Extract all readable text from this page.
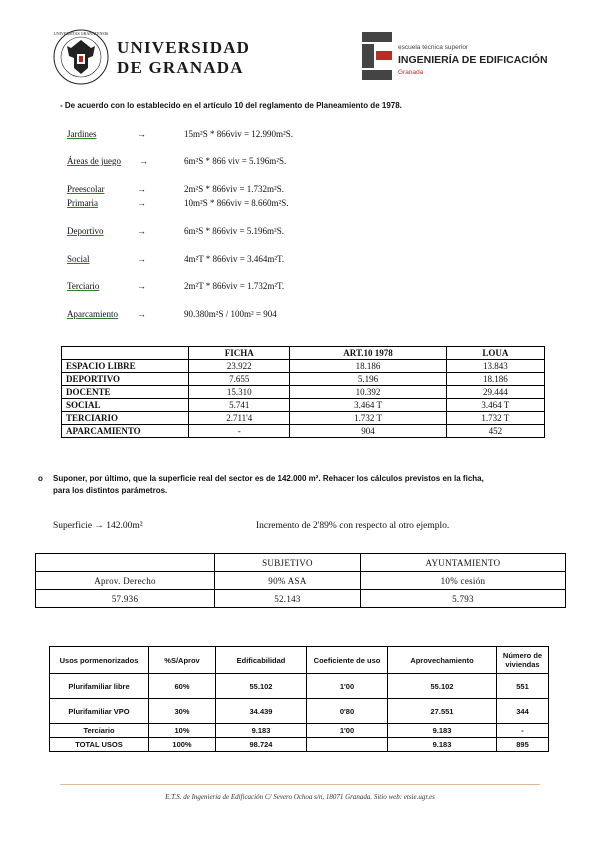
UNIVERSITAS GRANATENSIS
UNIVERSIDAD
DE GRANADA
escuela técnica superior
INGENIERÍA DE EDIFICACIÓN
Granada
- De acuerdo con lo establecido en el artículo 10 del reglamento de Planeamiento de 1978.
Jardines	→	15m²S * 866viv = 12.990m²S.
Áreas de juego →	6m²S * 866 viv = 5.196m²S.
Preescolar	→	2m²S * 866viv = 1.732m²S.
Primaria	→	10m²S * 866viv = 8.660m²S.
Deportivo	→	6m²S * 866viv = 5.196m²S.
Social	→	4m²T * 866viv = 3.464m²T.
Terciario	→	2m²T * 866viv = 1.732m²T.
Aparcamiento →	90.380m²S / 100m² = 904
	FICHA	ART.10 1978	LOUA
ESPACIO LIBRE	23.922	18.186	13.843
DEPORTIVO	7.655	5.196	18.186
DOCENTE	15.310	10.392	29.444
SOCIAL	5.741	3.464 T	3.464 T
TERCIARIO	2.711'4	1.732 T	1.732 T
APARCAMIENTO	-	904	452
o Suponer, por último, que la superficie real del sector es de 142.000 m². Rehacer los cálculos previstos en la ficha,
para los distintos parámetros.
Superficie → 142.00m²	Incremento de 2'89% con respecto al otro ejemplo.
	SUBJETIVO	AYUNTAMIENTO
Aprov. Derecho	90% ASA	10% cesión
57.936	52.143	5.793
Usos pormenorizados	%S/Aprov	Edificabilidad	Coeficiente de uso	Aprovechamiento	Número de viviendas
Plurifamiliar libre	60%	55.102	1'00	55.102	551
Plurifamiliar VPO	30%	34.439	0'80	27.551	344
Terciario	10%	9.183	1'00	9.183	-
TOTAL USOS	100%	98.724		9.183	895
E.T.S. de Ingeniería de Edificación C/ Severo Ochoa s/n, 18071 Granada. Sitio web: etsie.ugr.es
